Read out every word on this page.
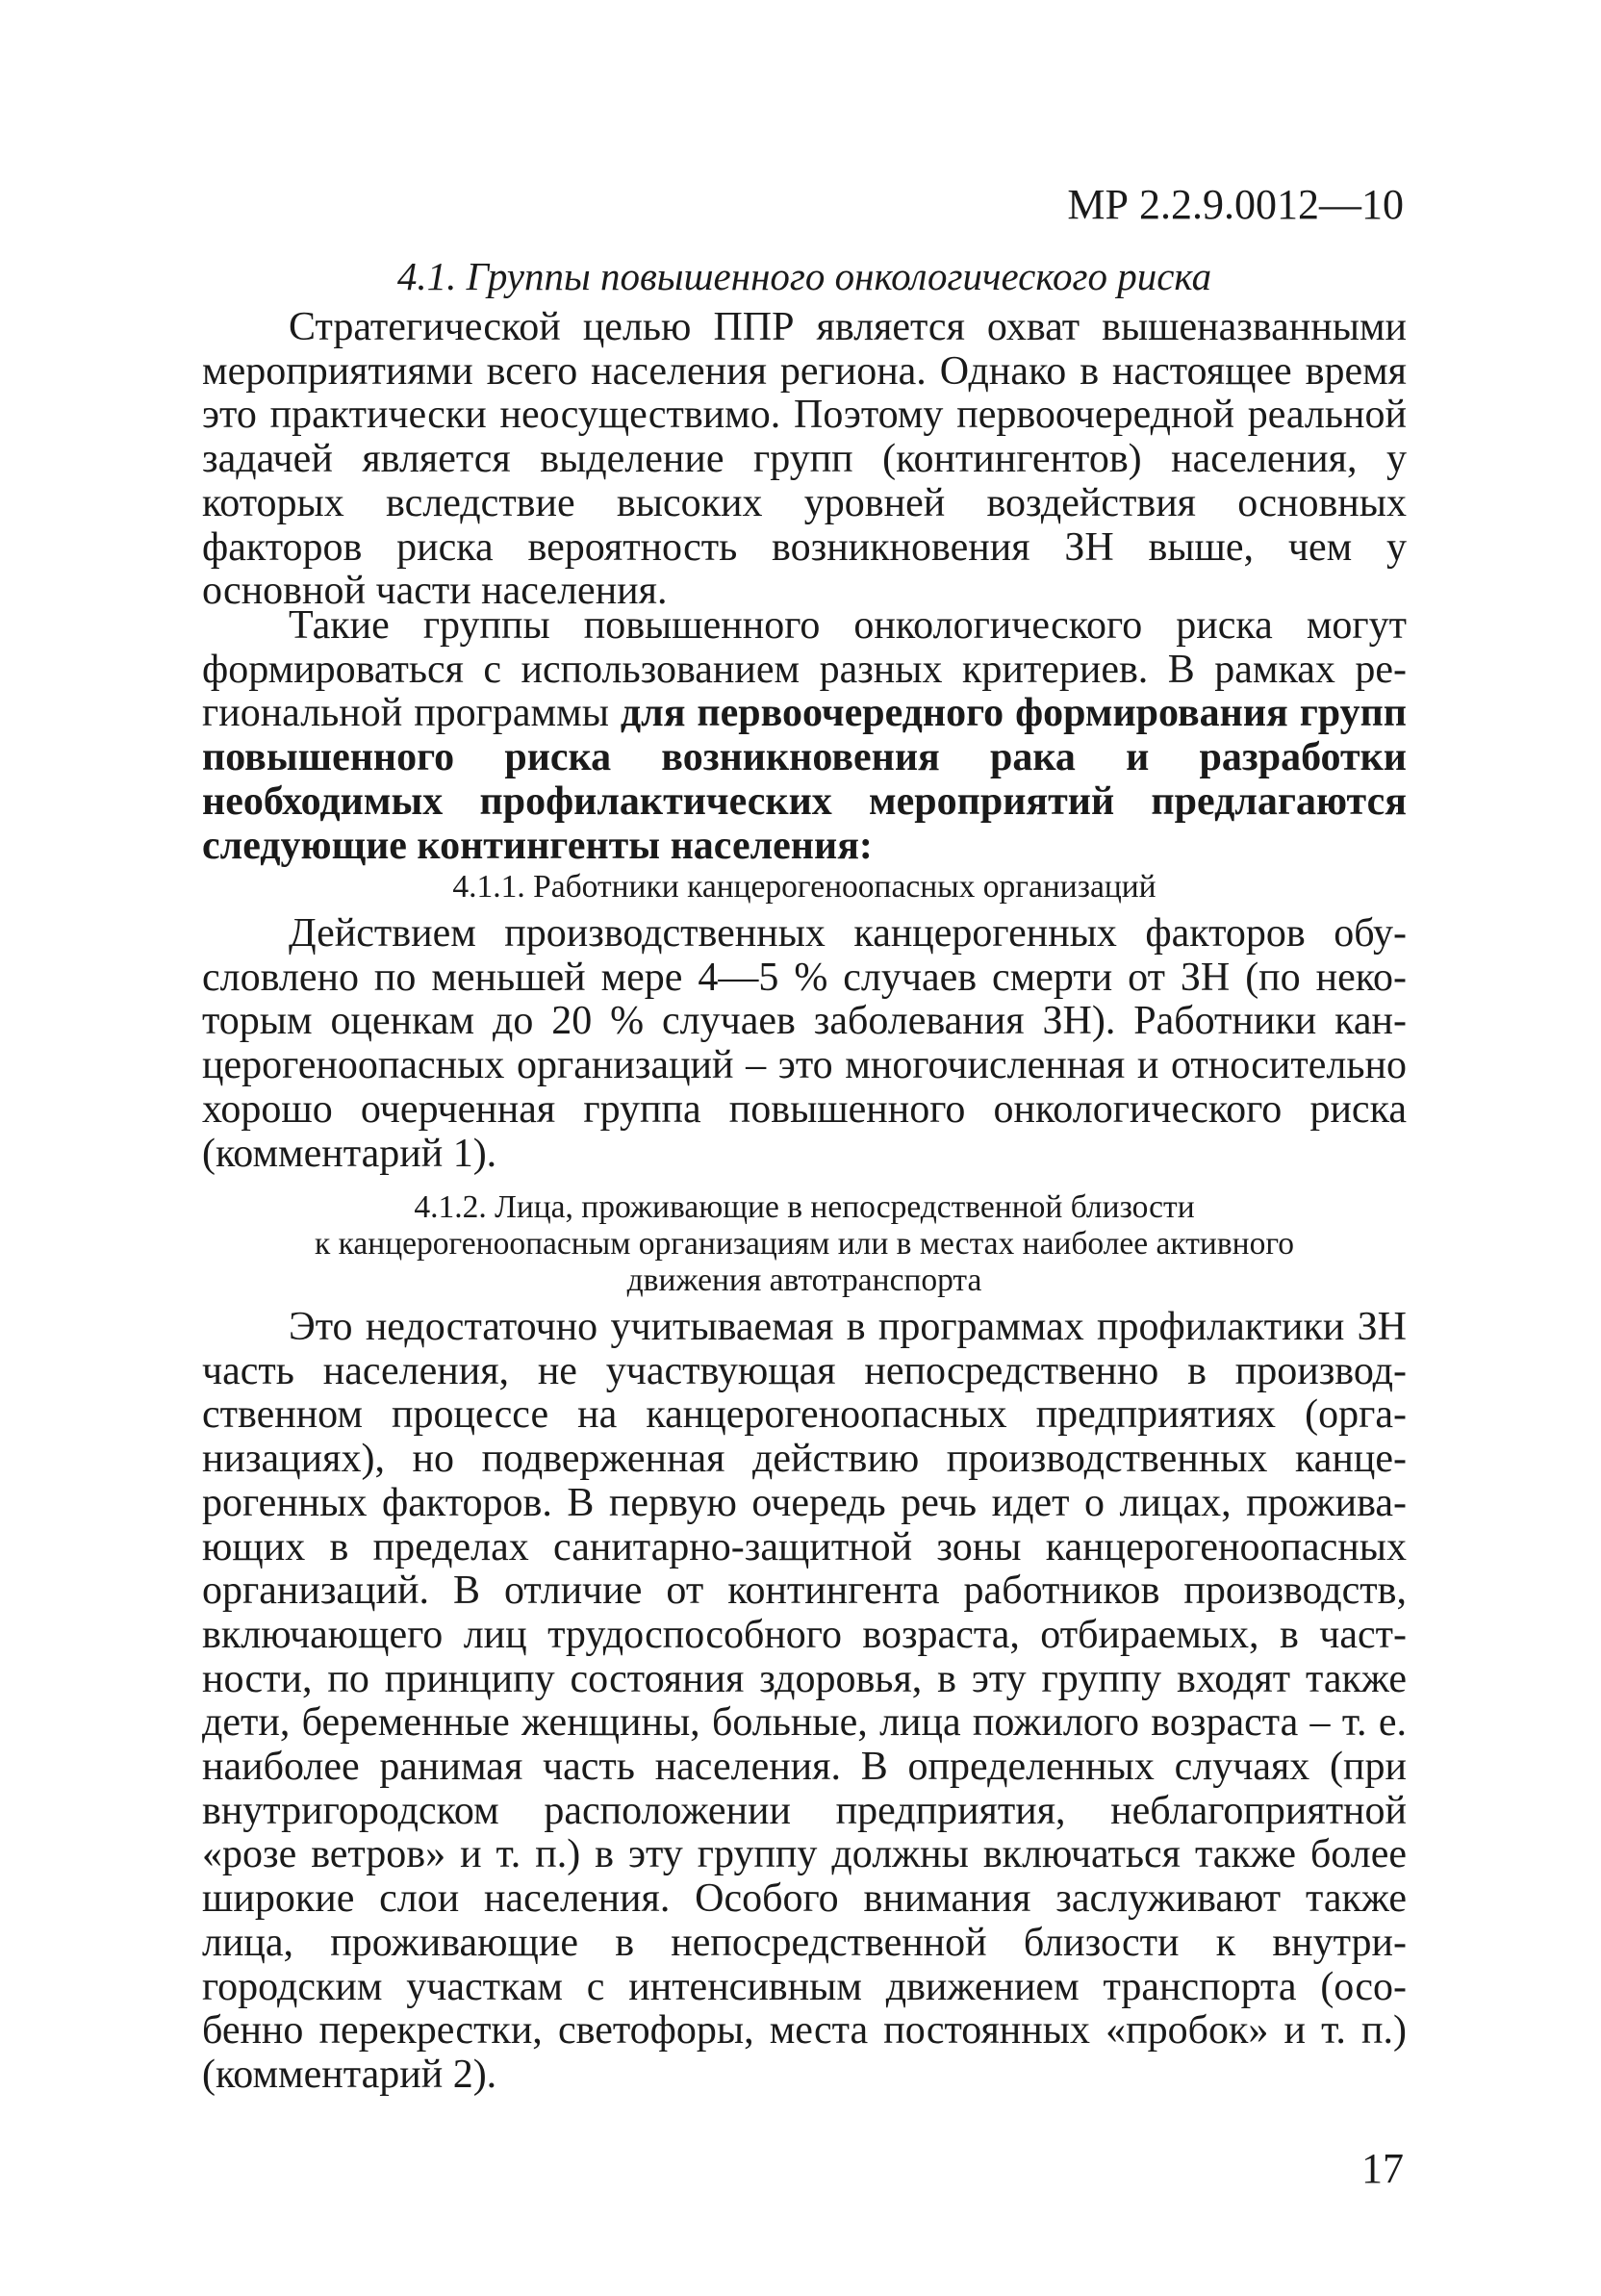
МР 2.2.9.0012—10
4.1. Группы повышенного онкологического риска

Стратегической целью ППР является охват вышеназванными мероприятиями всего населения региона. Однако в настоящее время это практически неосуществимо. Поэтому первоочередной реальной задачей является выделение групп (контингентов) населения, у которых вследствие высоких уровней воздействия основных факторов риска вероятность возникновения ЗН выше, чем у основной части населения.

Такие группы повышенного онкологического риска могут формироваться с использованием разных критериев. В рамках региональной программы для первоочередного формирования групп повышенного риска возникновения рака и разработки необходимых профилактических мероприятий предлагаются следующие контингенты населения:

4.1.1. Работники канцерогеноопасных организаций

Действием производственных канцерогенных факторов обусловлено по меньшей мере 4—5 % случаев смерти от ЗН (по некоторым оценкам до 20 % случаев заболевания ЗН). Работники канцерогеноопасных организаций – это многочисленная и относительно хорошо очерченная группа повышенного онкологического риска (комментарий 1).

4.1.2. Лица, проживающие в непосредственной близости

к канцерогеноопасным организациям или в местах наиболее активного

движения автотранспорта

Это недостаточно учитываемая в программах профилактики ЗН часть населения, не участвующая непосредственно в производственном процессе на канцерогеноопасных предприятиях (организациях), но подверженная действию производственных канцерогенных факторов. В первую очередь речь идет о лицах, проживающих в пределах санитарно-защитной зоны канцерогеноопасных организаций. В отличие от контингента работников производств, включающего лиц трудоспособного возраста, отбираемых, в частности, по принципу состояния здоровья, в эту группу входят также дети, беременные женщины, больные, лица пожилого возраста – т. е. наиболее ранимая часть населения. В определенных случаях (при внутригородском расположении предприятия, неблагоприятной «розе ветров» и т. п.) в эту группу должны включаться также более широкие слои населения. Особого внимания заслуживают также лица, проживающие в непосредственной близости к внутригородским участкам с интенсивным движением транспорта (особенно перекрестки, светофоры, места постоянных «пробок» и т. п.) (комментарий 2).

17
